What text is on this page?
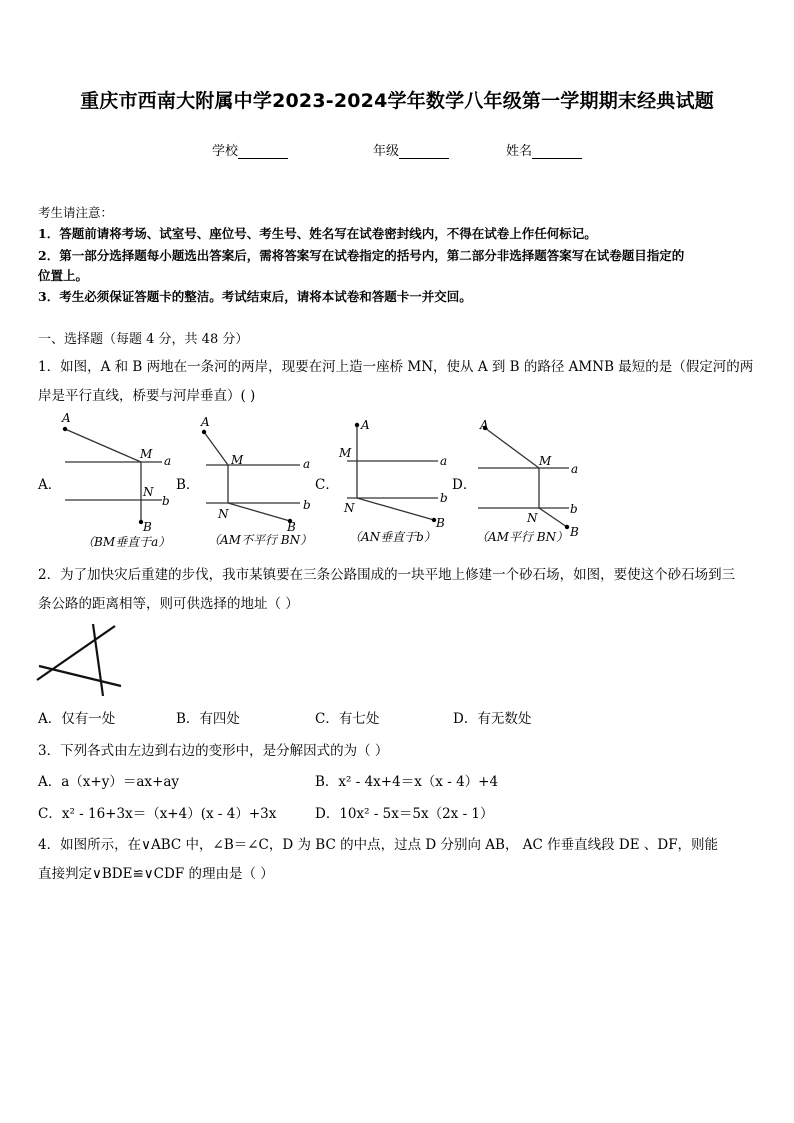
重庆市西南大附属中学2023-2024学年数学八年级第一学期期末经典试题
学校	年级	姓名
考生请注意：
1．答题前请将考场、试室号、座位号、考生号、姓名写在试卷密封线内，不得在试卷上作任何标记。
2．第一部分选择题每小题选出答案后，需将答案写在试卷指定的括号内，第二部分非选择题答案写在试卷题目指定的
位置上。
3．考生必须保证答题卡的整洁。考试结束后，请将本试卷和答题卡一并交回。
一、选择题（每题 4 分，共 48 分）
1．如图，A 和 B 两地在一条河的两岸，现要在河上造一座桥 MN，使从 A 到 B 的路径 AMNB 最短的是（假定河的两
岸是平行直线，桥要与河岸垂直）( )
A．	B．	C．	D．
A
M a
N
b
B
A
M	a
N
b
B
A
M
a
N
b
B
A
M
a
N
b
B
（BM垂直于a）	（AM不平行 BN）	（AN垂直于b）	（AM平行 BN）
2．为了加快灾后重建的步伐，我市某镇要在三条公路围成的一块平地上修建一个砂石场，如图，要使这个砂石场到三
条公路的距离相等，则可供选择的地址（ ）
A．仅有一处	B．有四处	C．有七处	D．有无数处
3．下列各式由左边到右边的变形中，是分解因式的为（ ）
A．a（x+y）＝ax+ay	B．x² - 4x+4＝x（x - 4）+4
C．x² - 16+3x＝（x+4）(x - 4）+3x	D．10x² - 5x＝5x（2x - 1）
4．如图所示，在∨ABC 中，∠B＝∠C，D 为 BC 的中点，过点 D 分别向 AB， AC 作垂直线段 DE 、DF，则能
直接判定∨BDE≌∨CDF 的理由是（ ）
